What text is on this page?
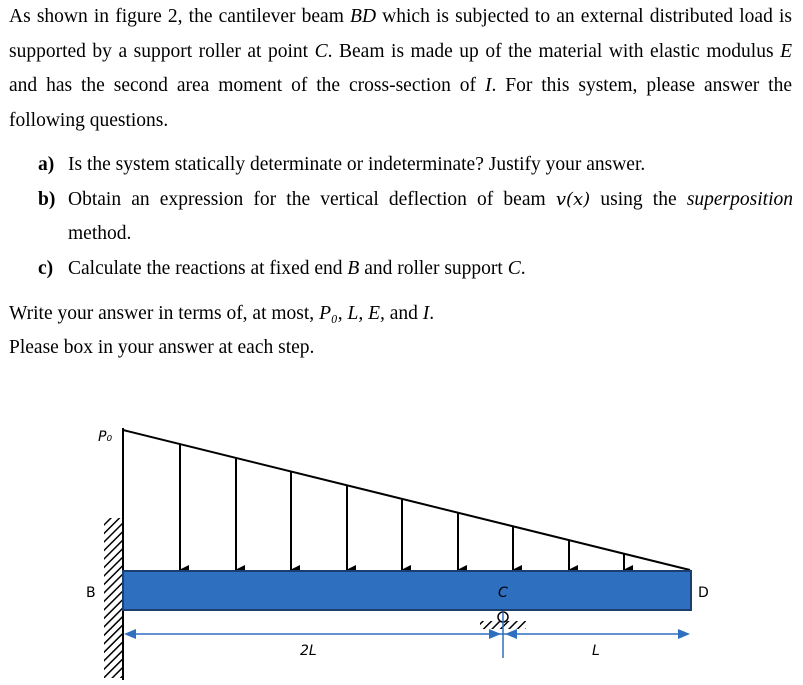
As shown in figure 2, the cantilever beam BD which is subjected to an external distributed load is supported by a support roller at point C. Beam is made up of the material with elastic modulus E and has the second area moment of the cross-section of I. For this system, please answer the following questions.
a) Is the system statically determinate or indeterminate? Justify your answer.
b) Obtain an expression for the vertical deflection of beam v(x) using the superposition method.
c) Calculate the reactions at fixed end B and roller support C.
Write your answer in terms of, at most, P₀, L, E, and I.
Please box in your answer at each step.
P₀
B	C	D
2L	L
